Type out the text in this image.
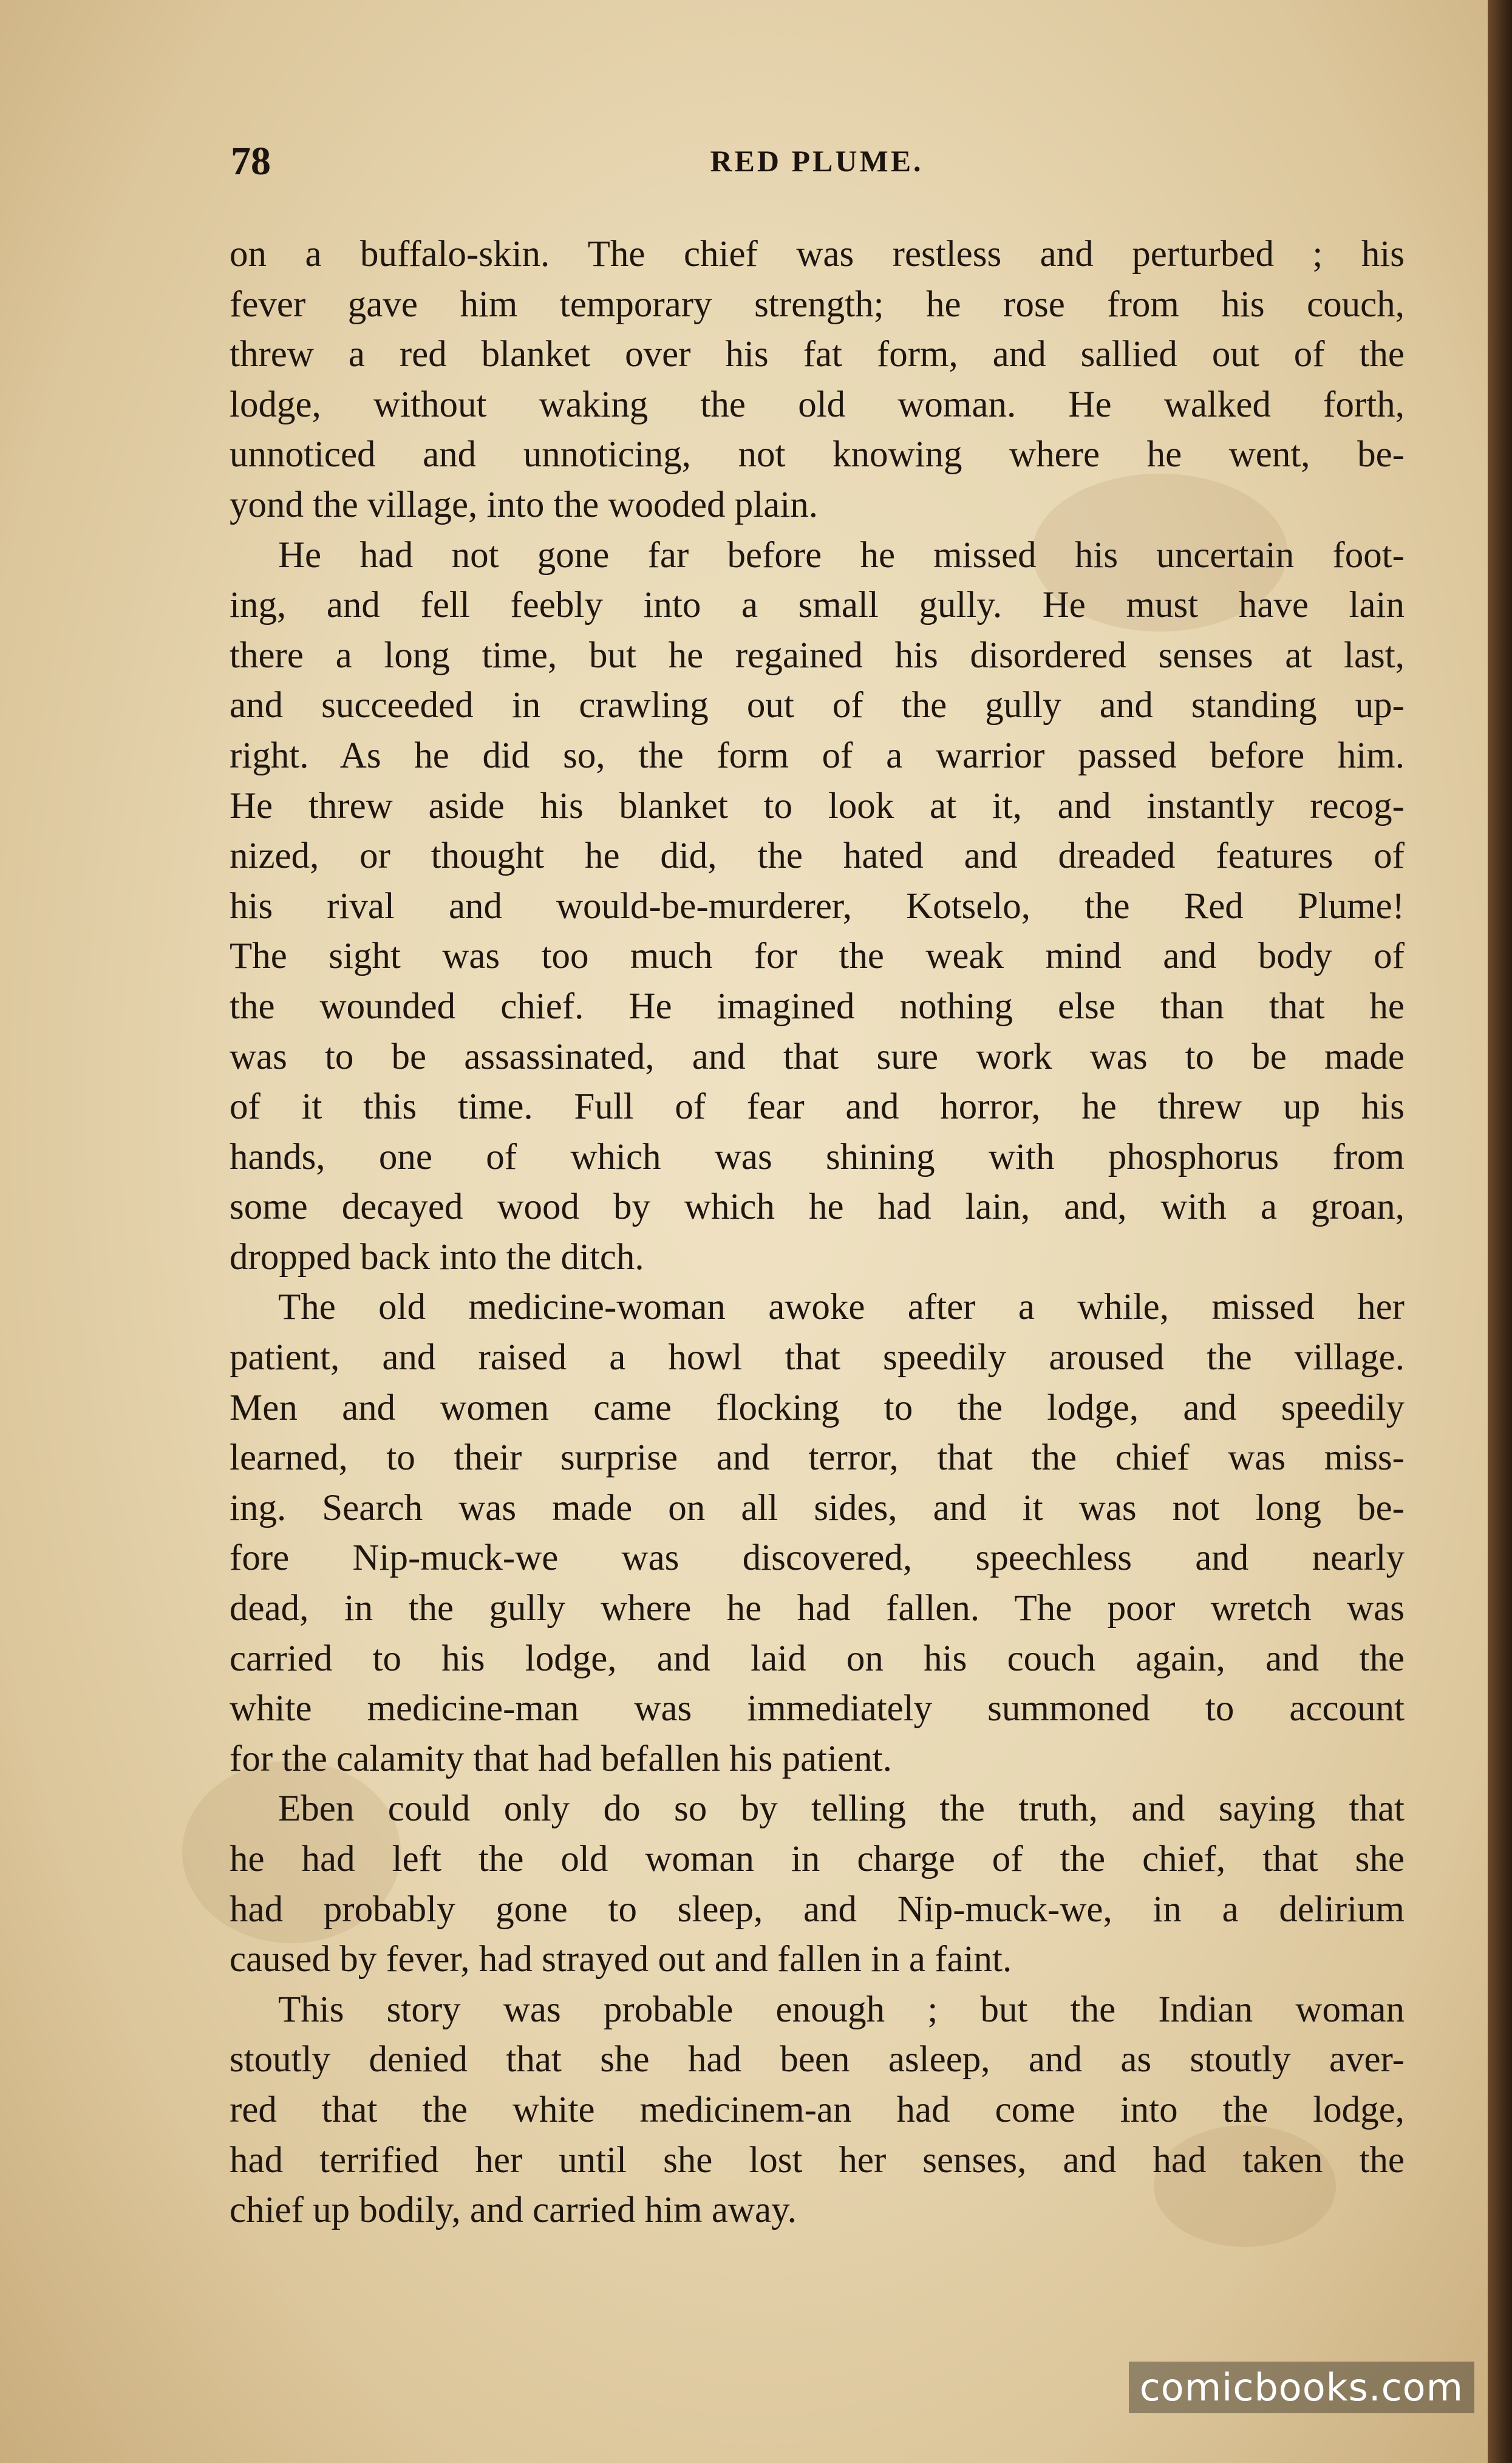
78	RED PLUME.
on a buffalo-skin. The chief was restless and perturbed ; his
fever gave him temporary strength; he rose from his couch,
threw a red blanket over his fat form, and sallied out of the
lodge, without waking the old woman. He walked forth,
unnoticed and unnoticing, not knowing where he went, be-
yond the village, into the wooded plain.
He had not gone far before he missed his uncertain foot-
ing, and fell feebly into a small gully. He must have lain
there a long time, but he regained his disordered senses at last,
and succeeded in crawling out of the gully and standing up-
right. As he did so, the form of a warrior passed before him.
He threw aside his blanket to look at it, and instantly recog-
nized, or thought he did, the hated and dreaded features of
his rival and would-be-murderer, Kotselo, the Red Plume!
The sight was too much for the weak mind and body of
the wounded chief. He imagined nothing else than that he
was to be assassinated, and that sure work was to be made
of it this time. Full of fear and horror, he threw up his
hands, one of which was shining with phosphorus from
some decayed wood by which he had lain, and, with a groan,
dropped back into the ditch.
The old medicine-woman awoke after a while, missed her
patient, and raised a howl that speedily aroused the village.
Men and women came flocking to the lodge, and speedily
learned, to their surprise and terror, that the chief was miss-
ing. Search was made on all sides, and it was not long be-
fore Nip-muck-we was discovered, speechless and nearly
dead, in the gully where he had fallen. The poor wretch was
carried to his lodge, and laid on his couch again, and the
white medicine-man was immediately summoned to account
for the calamity that had befallen his patient.
Eben could only do so by telling the truth, and saying that
he had left the old woman in charge of the chief, that she
had probably gone to sleep, and Nip-muck-we, in a delirium
caused by fever, had strayed out and fallen in a faint.
This story was probable enough ; but the Indian woman
stoutly denied that she had been asleep, and as stoutly aver-
red that the white medicinem-an had come into the lodge,
had terrified her until she lost her senses, and had taken the
chief up bodily, and carried him away.
comicbooks.com
